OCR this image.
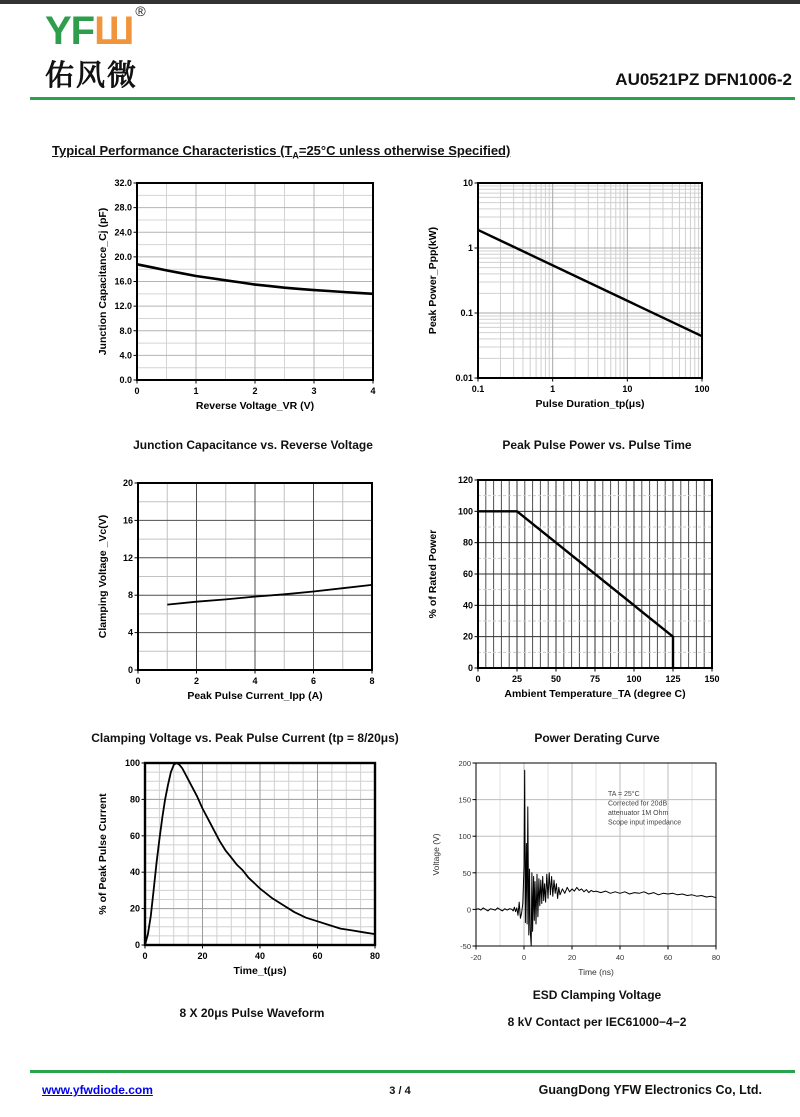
YFШ ®
佑风微	AU0521PZ DFN1006-2
Typical Performance Characteristics ($T_A=25^\circ C$ unless otherwise Specified)
0	1	2	3	4
0.0
4.0
8.0
12.0
16.0
20.0
24.0
28.0
32.0
Reverse Voltage_VR (V)
Junction Capacitance_Cj (pF)
0.1	1	10	100
0.01
0.1
1
10
Pulse Duration_tp(μs)
Peak Power_Ppp(kW)
0	2	4	6	8
0
4
8
12
16
20
Peak Pulse Current_Ipp (A)
Clamping Voltage _Vc(V)
0	25	50	75	100	125	150
0
20
40
60
80
100
120
Ambient Temperature_TA (degree C)
% of Rated Power
0	20	40	60	80
0
20
40
60
80
100
Time_t(μs)
% of Peak Pulse Current
-20	0	20	40	60	80
-50
0
50
100
150
200
Time (ns)
Voltage (V)
TA = 25°C
Corrected for 20dB
attenuator 1M Ohm
Scope input impedance
Junction Capacitance vs. Reverse Voltage	Peak Pulse Power vs. Pulse Time
Clamping Voltage vs. Peak Pulse Current (tp = 8/20μs)	Power Derating Curve
8 X 20μs Pulse Waveform
ESD Clamping Voltage
8 kV Contact per IEC61000−4−2
www.yfwdiode.com	3 / 4	GuangDong YFW Electronics Co, Ltd.
